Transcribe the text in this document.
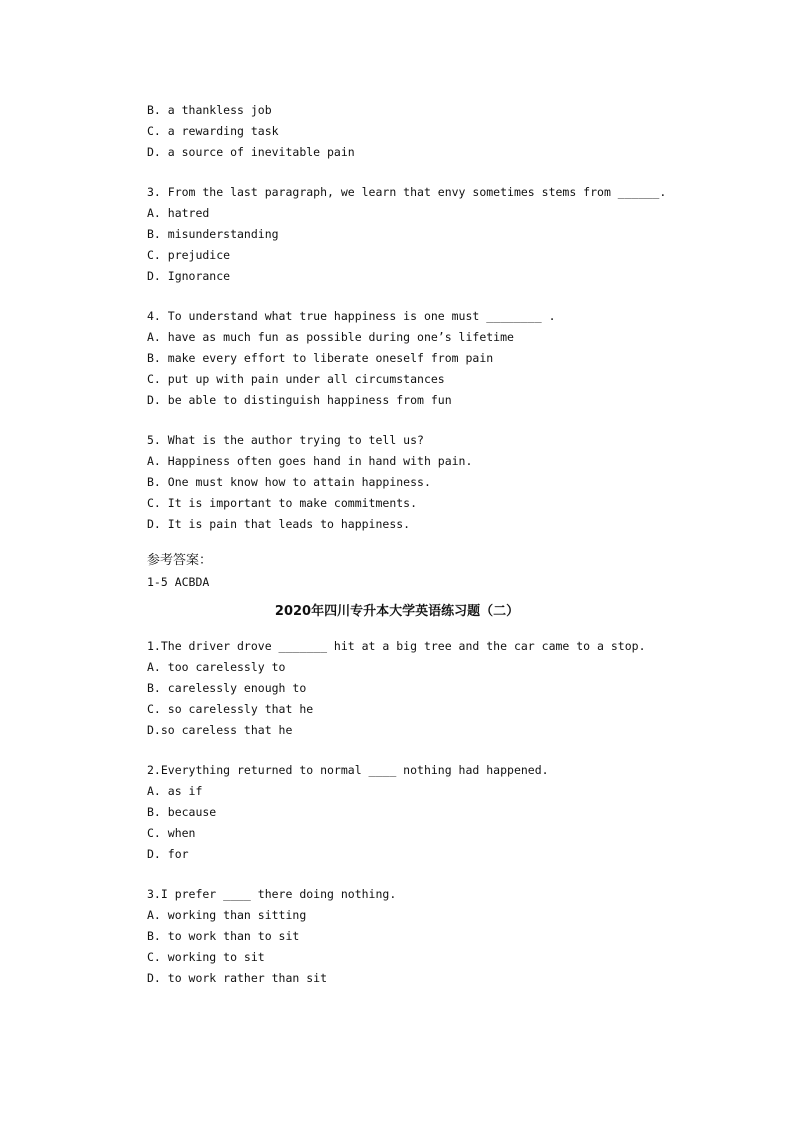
B. a thankless job
C. a rewarding task
D. a source of inevitable pain
3. From the last paragraph, we learn that envy sometimes stems from ______.
A. hatred
B. misunderstanding
C. prejudice
D. Ignorance
4. To understand what true happiness is one must ________ .
A. have as much fun as possible during one’s lifetime
B. make every effort to liberate oneself from pain
C. put up with pain under all circumstances
D. be able to distinguish happiness from fun
5. What is the author trying to tell us?
A. Happiness often goes hand in hand with pain.
B. One must know how to attain happiness.
C. It is important to make commitments.
D. It is pain that leads to happiness.
参考答案：
1-5 ACBDA
2020年四川专升本大学英语练习题（二）
1.The driver drove _______ hit at a big tree and the car came to a stop.
A. too carelessly to
B. carelessly enough to
C. so carelessly that he
D.so careless that he
2.Everything returned to normal ____ nothing had happened.
A. as if
B. because
C. when
D. for
3.I prefer ____ there doing nothing.
A. working than sitting
B. to work than to sit
C. working to sit
D. to work rather than sit
